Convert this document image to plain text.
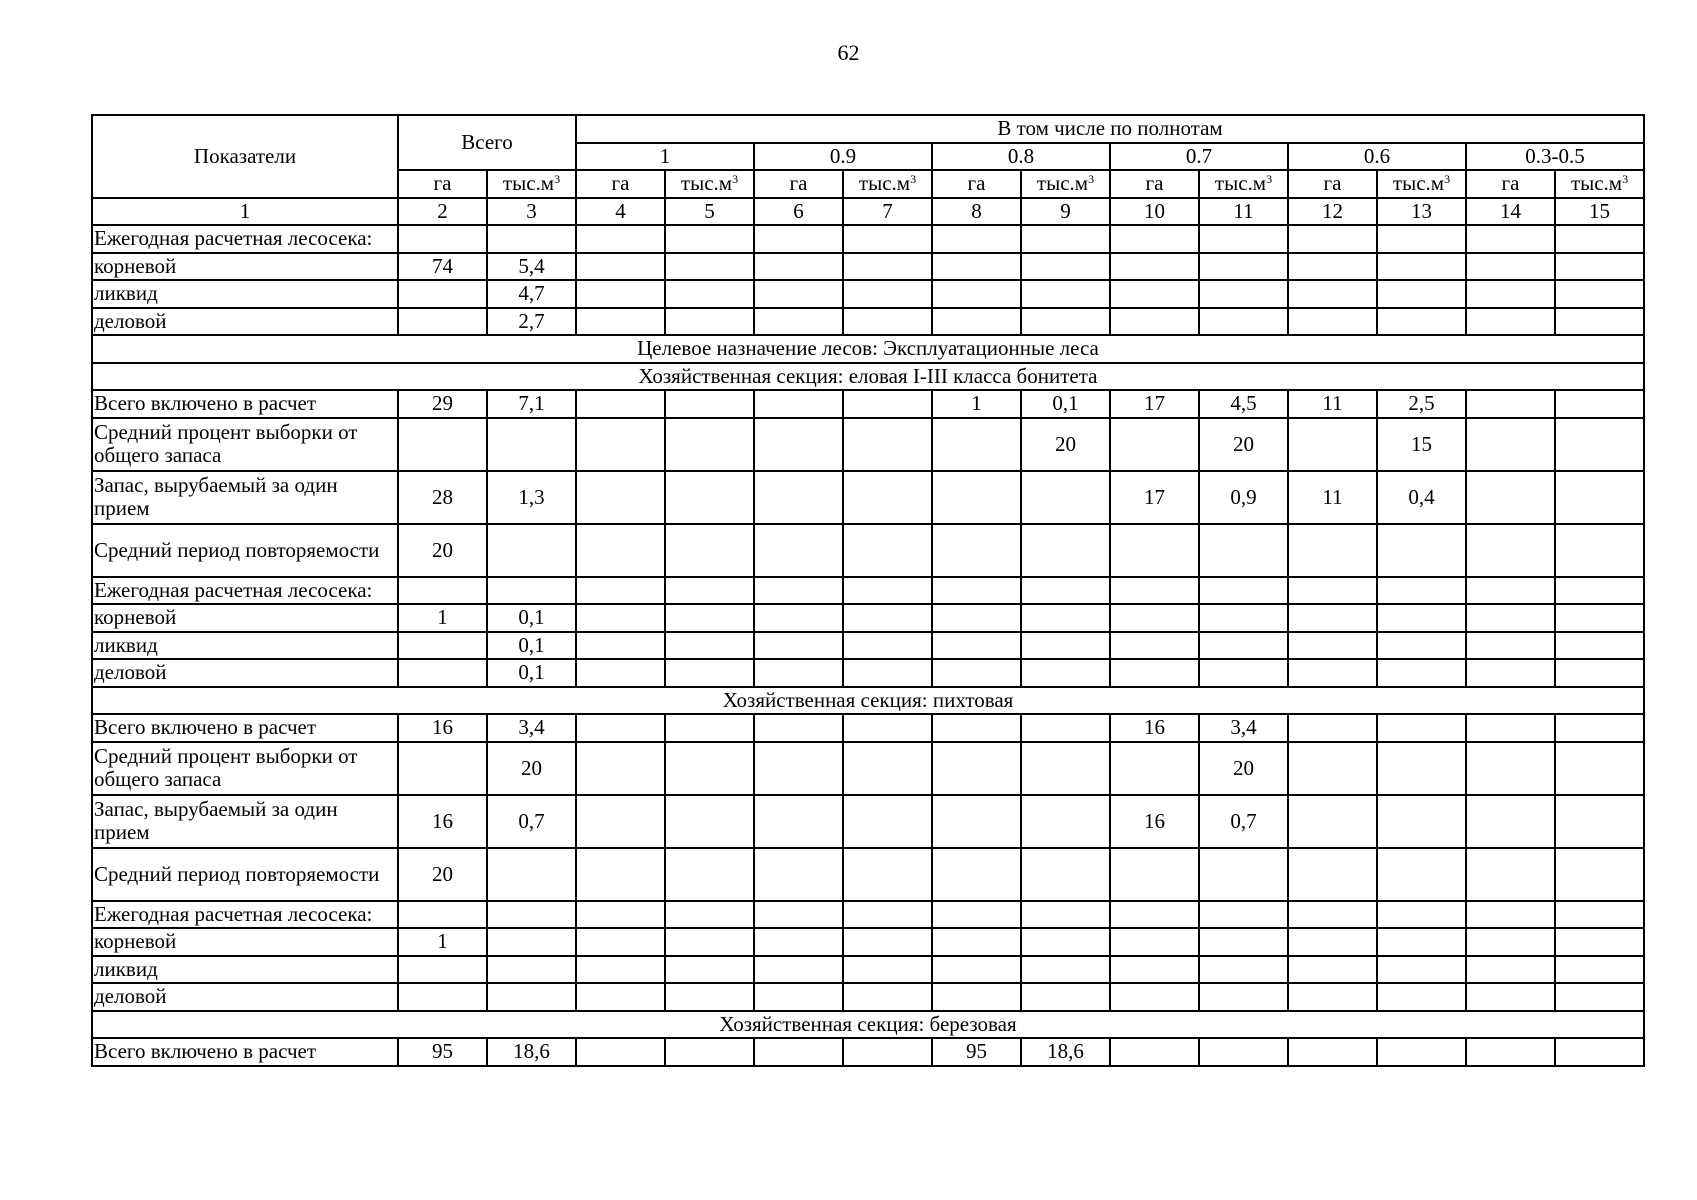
62
Показатели	Всего		В том числе по полнотам											
			1		0.9		0.8		0.7		0.6		0.3-0.5	
	га	$тыс.м^3$	га	$тыс.м^3$	га	$тыс.м^3$	га	$тыс.м^3$	га	$тыс.м^3$	га	$тыс.м^3$	га	$тыс.м^3$
1	2	3	4	5	6	7	8	9	10	11	12	13	14	15
Ежегодная расчетная лесосека:														
корневой	74	5,4												
ликвид		4,7												
деловой		2,7												
Целевое назначение лесов: Эксплуатационные леса														
Хозяйственная секция: еловая I-III класса бонитета														
Всего включено в расчет	29	7,1					1	0,1	17	4,5	11	2,5		
Средний процент выборки от общего запаса								20		20		15		
Запас, вырубаемый за один прием	28	1,3							17	0,9	11	0,4		
Средний период повторяемости	20													
Ежегодная расчетная лесосека:														
корневой	1	0,1												
ликвид		0,1												
деловой		0,1												
Хозяйственная секция: пихтовая														
Всего включено в расчет	16	3,4							16	3,4				
Средний процент выборки от общего запаса		20								20				
Запас, вырубаемый за один прием	16	0,7							16	0,7				
Средний период повторяемости	20													
Ежегодная расчетная лесосека:														
корневой	1													
ликвид														
деловой														
Хозяйственная секция: березовая														
Всего включено в расчет	95	18,6					95	18,6						
